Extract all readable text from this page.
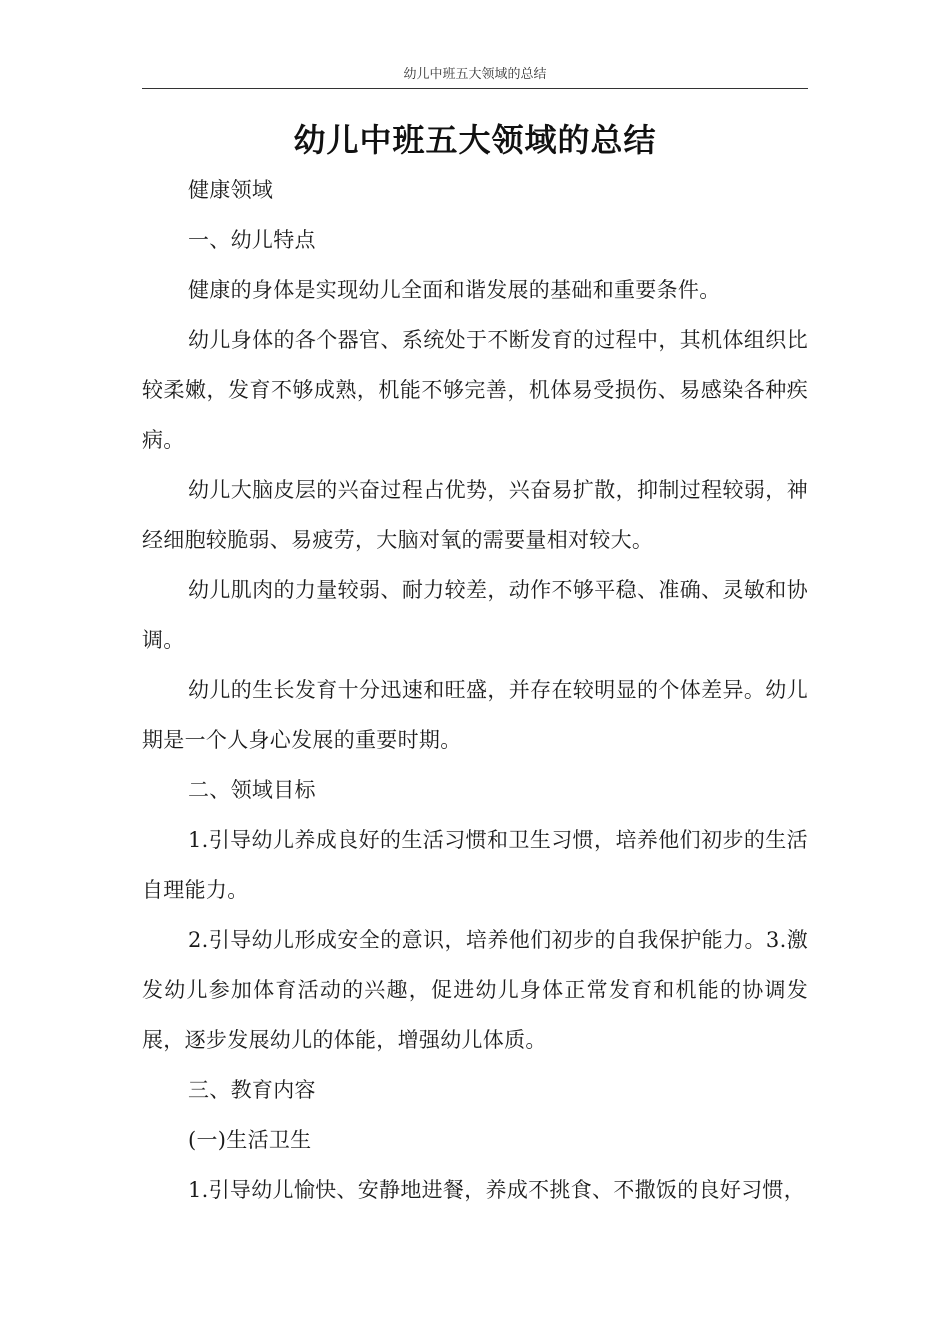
幼儿中班五大领域的总结
幼儿中班五大领域的总结

健康领域

一、幼儿特点

健康的身体是实现幼儿全面和谐发展的基础和重要条件。

幼儿身体的各个器官、系统处于不断发育的过程中，其机体组织比较柔嫩，发育不够成熟，机能不够完善，机体易受损伤、易感染各种疾病。

幼儿大脑皮层的兴奋过程占优势，兴奋易扩散，抑制过程较弱，神经细胞较脆弱、易疲劳，大脑对氧的需要量相对较大。

幼儿肌肉的力量较弱、耐力较差，动作不够平稳、准确、灵敏和协调。

幼儿的生长发育十分迅速和旺盛，并存在较明显的个体差异。幼儿期是一个人身心发展的重要时期。

二、领域目标

1.引导幼儿养成良好的生活习惯和卫生习惯，培养他们初步的生活自理能力。

2.引导幼儿形成安全的意识，培养他们初步的自我保护能力。3.激发幼儿参加体育活动的兴趣，促进幼儿身体正常发育和机能的协调发展，逐步发展幼儿的体能，增强幼儿体质。

三、教育内容

(一)生活卫生

1.引导幼儿愉快、安静地进餐，养成不挑食、不撒饭的良好习惯，
